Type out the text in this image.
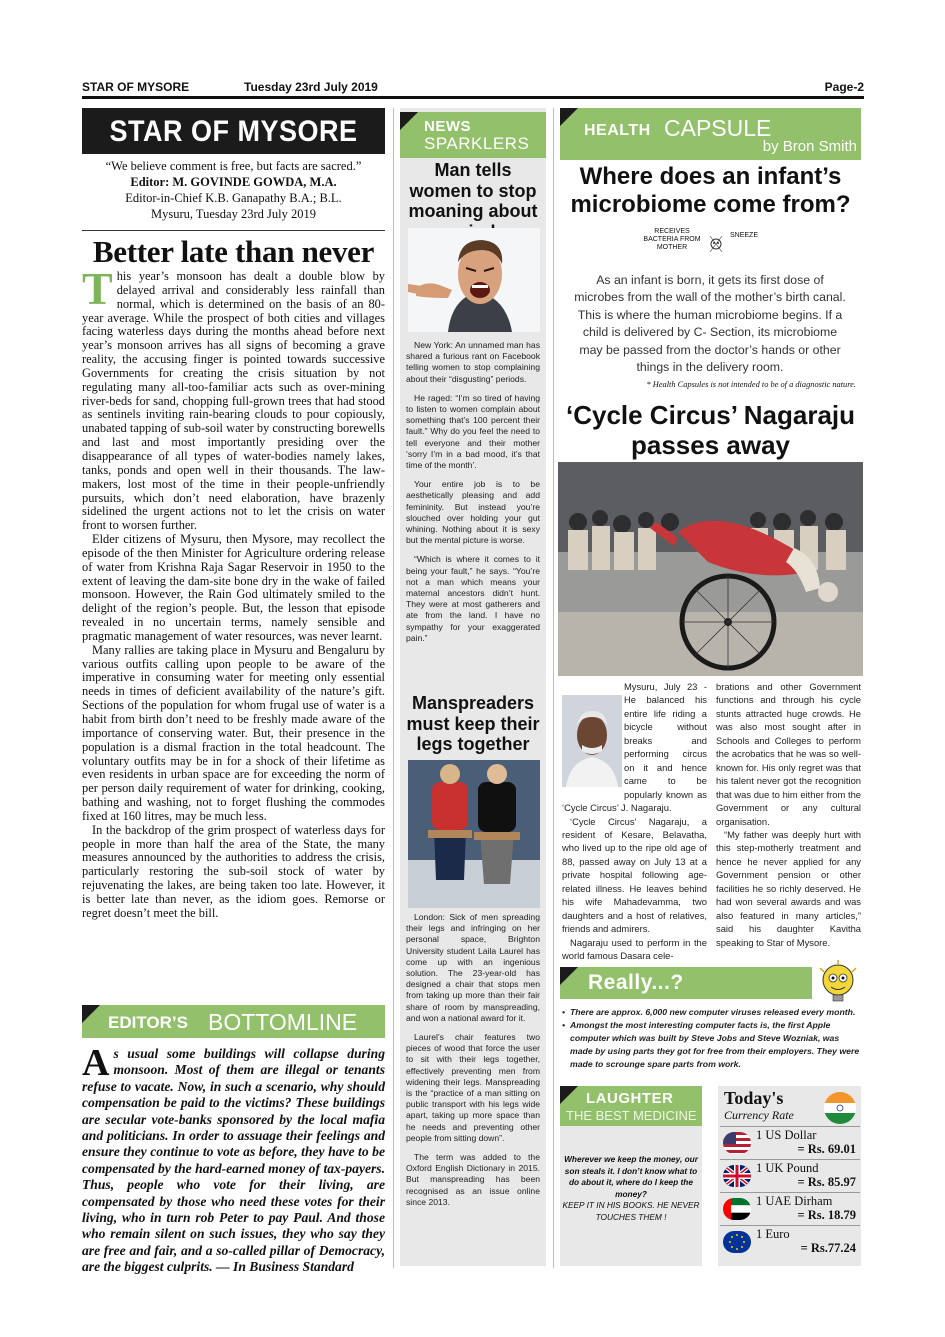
STAR OF MYSORE	Tuesday 23rd July 2019	Page-2
STAR OF MYSORE
“We believe comment is free, but facts are sacred.”
Editor: M. GOVINDE GOWDA, M.A.
Editor-in-Chief K.B. Ganapathy B.A.; B.L.
Mysuru, Tuesday 23rd July 2019
Better late than never

This year’s monsoon has dealt a double blow by delayed arrival and considerably less rainfall than normal, which is determined on the basis of an 80-year average. While the prospect of both cities and villages facing waterless days during the months ahead before next year’s monsoon arrives has all signs of becoming a grave reality, the accusing finger is pointed towards successive Governments for creating the crisis situation by not regulating many all-too-familiar acts such as over-mining river-beds for sand, chopping full-grown trees that had stood as sentinels inviting rain-bearing clouds to pour copiously, unabated tapping of sub-soil water by constructing borewells and last and most importantly presiding over the disappearance of all types of water-bodies namely lakes, tanks, ponds and open well in their thousands. The law-makers, lost most of the time in their people-unfriendly pursuits, which don’t need elaboration, have brazenly sidelined the urgent actions not to let the crisis on water front to worsen further.

Elder citizens of Mysuru, then Mysore, may recollect the episode of the then Minister for Agriculture ordering release of water from Krishna Raja Sagar Reservoir in 1950 to the extent of leaving the dam-site bone dry in the wake of failed monsoon. However, the Rain God ultimately smiled to the delight of the region’s people. But, the lesson that episode revealed in no uncertain terms, namely sensible and pragmatic management of water resources, was never learnt.

Many rallies are taking place in Mysuru and Bengaluru by various outfits calling upon people to be aware of the imperative in consuming water for meeting only essential needs in times of deficient availability of the nature’s gift. Sections of the population for whom frugal use of water is a habit from birth don’t need to be freshly made aware of the importance of conserving water. But, their presence in the population is a dismal fraction in the total headcount. The voluntary outfits may be in for a shock of their lifetime as even residents in urban space are for exceeding the norm of per person daily requirement of water for drinking, cooking, bathing and washing, not to forget flushing the commodes fixed at 160 litres, may be much less.

In the backdrop of the grim prospect of waterless days for people in more than half the area of the State, the many measures announced by the authorities to address the crisis, particularly restoring the sub-soil stock of water by rejuvenating the lakes, are being taken too late. However, it is better late than never, as the idiom goes. Remorse or regret doesn’t meet the bill.

EDITOR’S BOTTOMLINE
As usual some buildings will collapse during monsoon. Most of them are illegal or tenants refuse to vacate. Now, in such a scenario, why should compensation be paid to the victims? These buildings are secular vote-banks sponsored by the local mafia and politicians. In order to assuage their feelings and ensure they continue to vote as before, they have to be compensated by the hard-earned money of tax-payers. Thus, people who vote for their living, are compensated by those who need these votes for their living, who in turn rob Peter to pay Paul. And those who remain silent on such issues, they who say they are free and fair, and a so-called pillar of Democracy, are the biggest culprits. — In Business Standard
NEWS
SPARKLERS
Man tells women to stop moaning about

New York: An unnamed man has shared a furious rant on Facebook telling women to stop complaining about their “disgusting” periods.

He raged: “I’m so tired of having to listen to women complain about something that’s 100 percent their fault.” Why do you feel the need to tell everyone and their mother ‘sorry I’m in a bad mood, it’s that time of the month’.

Your entire job is to be aesthetically pleasing and add femininity. But instead you’re slouched over holding your gut whining. Nothing about it is sexy but the mental picture is worse.

“Which is where it comes to it being your fault,” he says. “You’re not a man which means your maternal ancestors didn’t hunt. They were at most gatherers and ate from the land. I have no sympathy for your exaggerated pain.”

Manspreaders must keep their legs together

London: Sick of men spreading their legs and infringing on her personal space, Brighton University student Laila Laurel has come up with an ingenious solution. The 23-year-old has designed a chair that stops men from taking up more than their fair share of room by manspreading, and won a national award for it.

Laurel’s chair features two pieces of wood that force the user to sit with their legs together, effectively preventing men from widening their legs. Manspreading is the “practice of a man sitting on public transport with his legs wide apart, taking up more space than he needs and preventing other people from sitting down”.

The term was added to the Oxford English Dictionary in 2015. But manspreading has been recognised as an issue online since 2013.

HEALTH CAPSULE
by Bron Smith
Where does an infant’s microbiome come from?
RECEIVES BACTERIA FROM MOTHER
SNEEZE
As an infant is born, it gets its first dose of microbes from the wall of the mother’s birth canal. This is where the human microbiome begins. If a child is delivered by C- Section, its microbiome may be passed from the doctor’s hands or other things in the delivery room.
* Health Capsules is not intended to be of a diagnostic nature.
‘Cycle Circus’ Nagaraju passes away

Mysuru, July 23 - He balanced his entire life riding a bicycle without breaks and performing circus on it and hence came to be popularly known as ‘Cycle Circus’ J. Nagaraju.

‘Cycle Circus’ Nagaraju, a resident of Kesare, Belavatha, who lived up to the ripe old age of 88, passed away on July 13 at a private hospital following age-related illness. He leaves behind his wife Mahadevamma, two daughters and a host of relatives, friends and admirers.

Nagaraju used to perform in the world famous Dasara cele-

brations and other Government functions and through his cycle stunts attracted huge crowds. He was also most sought after in Schools and Colleges to perform the acrobatics that he was so well-known for. His only regret was that his talent never got the recognition that was due to him either from the Government or any cultural organisation.

“My father was deeply hurt with this step-motherly treatment and hence he never applied for any Government pension or other facilities he so richly deserved. He had won several awards and was also featured in many articles,” said his daughter Kavitha speaking to Star of Mysore.

Really...?
• There are approx. 6,000 new computer viruses released every month.
• Amongst the most interesting computer facts is, the first Apple computer which was built by Steve Jobs and Steve Wozniak, was made by using parts they got for free from their employers. They were made to scrounge spare parts from work.
LAUGHTER
THE BEST MEDICINE
Wherever we keep the money, our son steals it. I don’t know what to do about it, where do I keep the money?
KEEP IT IN HIS BOOKS. HE NEVER TOUCHES THEM !
Today's
Currency Rate
1 US Dollar
= Rs. 69.01
1 UK Pound
= Rs. 85.97
1 UAE Dirham
= Rs. 18.79
1 Euro
= Rs.77.24
